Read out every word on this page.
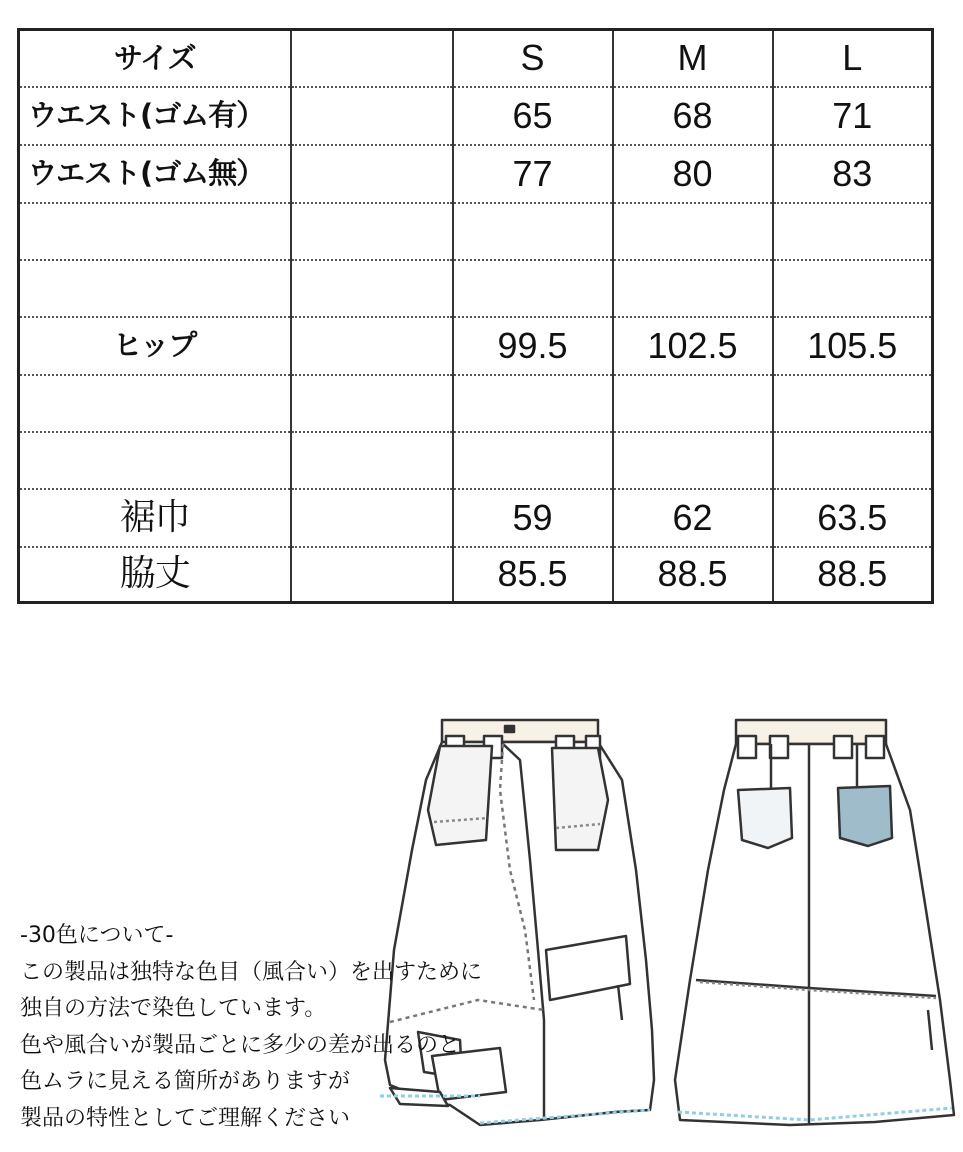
サイズ		S	M	L
ウエスト(ゴム有）		65	68	71
ウエスト(ゴム無）		77	80	83

ヒップ		99.5	102.5	105.5

裾巾		59	62	63.5
脇丈		85.5	88.5	88.5
-30色について-
この製品は独特な色目（風合い）を出すために
独自の方法で染色しています。
色や風合いが製品ごとに多少の差が出るのと
色ムラに見える箇所がありますが
製品の特性としてご理解ください
